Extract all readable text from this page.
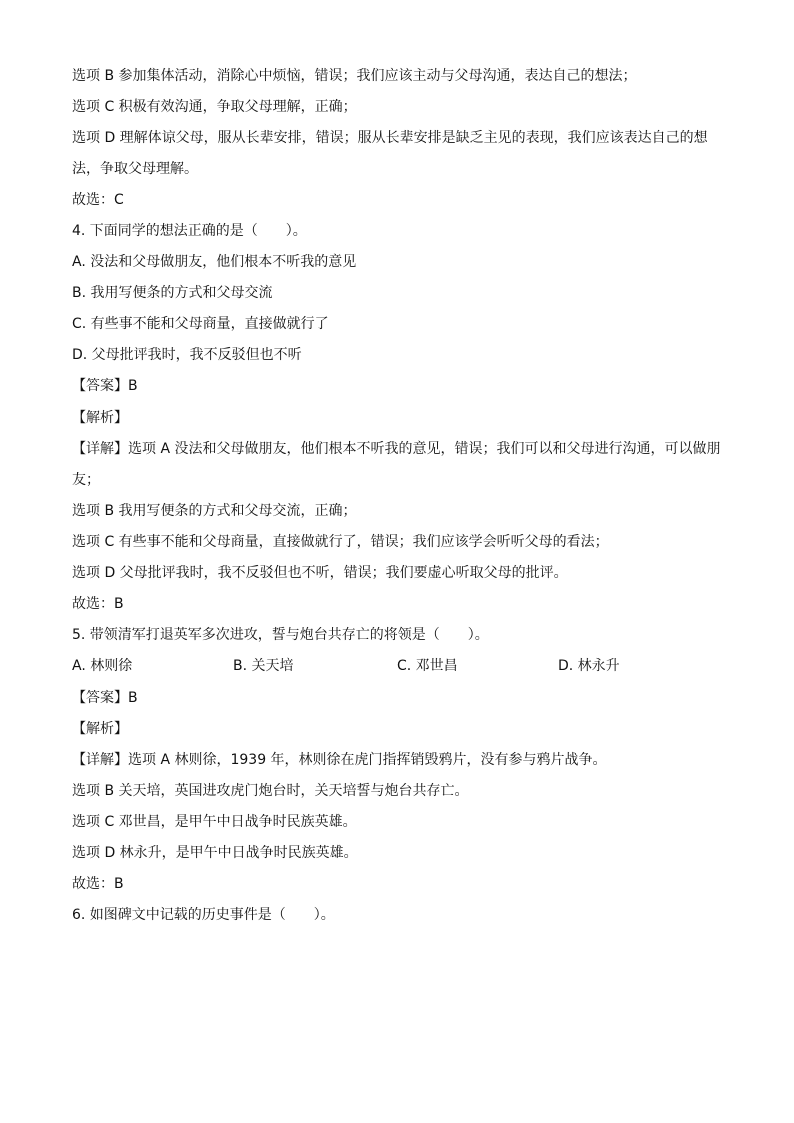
选项 B 参加集体活动，消除心中烦恼，错误；我们应该主动与父母沟通，表达自己的想法；
选项 C 积极有效沟通，争取父母理解，正确；
选项 D 理解体谅父母，服从长辈安排，错误；服从长辈安排是缺乏主见的表现，我们应该表达自己的想
法，争取父母理解。
故选：C
4. 下面同学的想法正确的是（　　）。
A. 没法和父母做朋友，他们根本不听我的意见
B. 我用写便条的方式和父母交流
C. 有些事不能和父母商量，直接做就行了
D. 父母批评我时，我不反驳但也不听
【答案】B
【解析】
【详解】选项 A 没法和父母做朋友，他们根本不听我的意见，错误；我们可以和父母进行沟通，可以做朋
友；
选项 B 我用写便条的方式和父母交流，正确；
选项 C 有些事不能和父母商量，直接做就行了，错误；我们应该学会听听父母的看法；
选项 D 父母批评我时，我不反驳但也不听，错误；我们要虚心听取父母的批评。
故选：B
5. 带领清军打退英军多次进攻，誓与炮台共存亡的将领是（　　）。
A. 林则徐	B. 关天培	C. 邓世昌	D. 林永升
【答案】B
【解析】
【详解】选项 A 林则徐，1939 年，林则徐在虎门指挥销毁鸦片，没有参与鸦片战争。
选项 B 关天培，英国进攻虎门炮台时，关天培誓与炮台共存亡。
选项 C 邓世昌，是甲午中日战争时民族英雄。
选项 D 林永升，是甲午中日战争时民族英雄。
故选：B
6. 如图碑文中记载的历史事件是（　　）。
